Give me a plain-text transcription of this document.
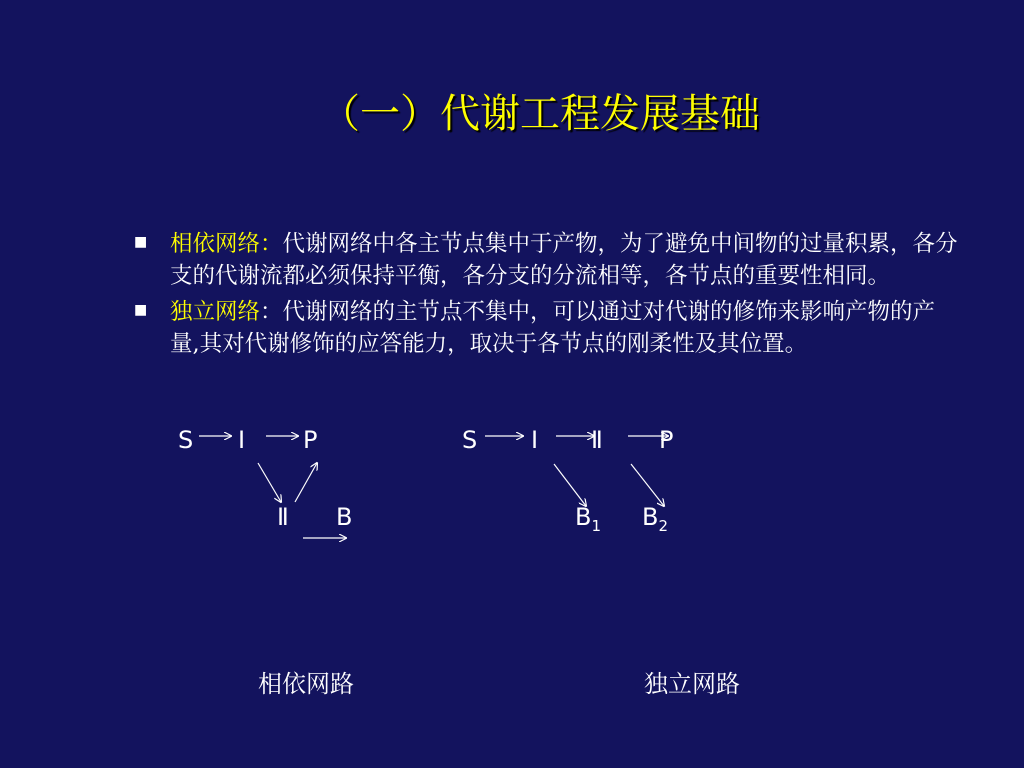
（一）代谢工程发展基础
■ 相依网络：代谢网络中各主节点集中于产物，为了避免中间物的过量积累，各分支的代谢流都必须保持平衡，各分支的分流相等，各节点的重要性相同。
■ 独立网络：代谢网络的主节点不集中，可以通过对代谢的修饰来影响产物的产量,其对代谢修饰的应答能力，取决于各节点的刚柔性及其位置。
S I P
Ⅱ B
S I Ⅱ P
$B_1$ $B_2$
相依网路	独立网路
